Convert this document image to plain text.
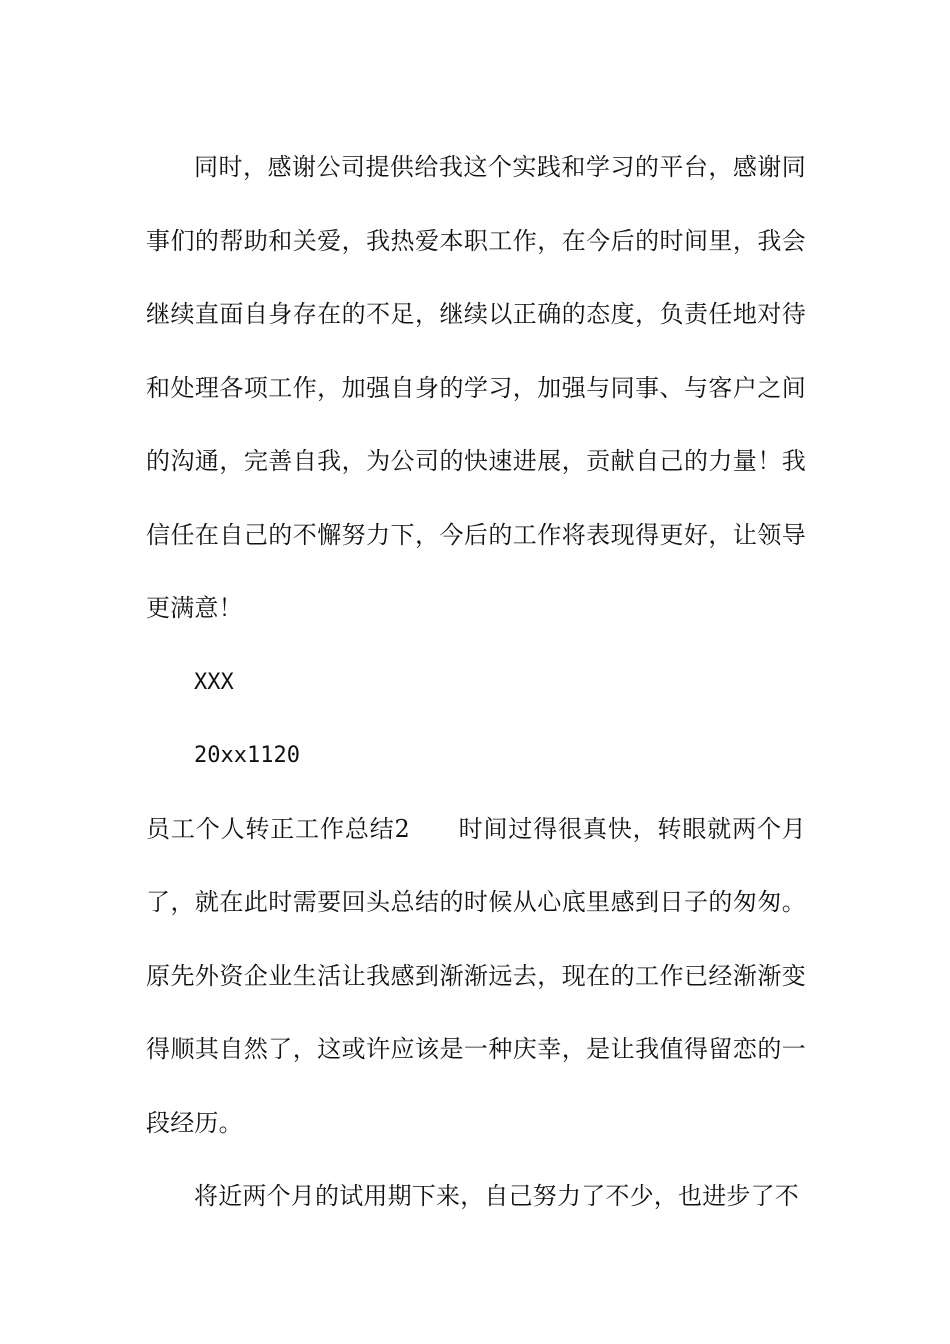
同时，感谢公司提供给我这个实践和学习的平台，感谢同事们的帮助和关爱，我热爱本职工作，在今后的时间里，我会继续直面自身存在的不足，继续以正确的态度，负责任地对待和处理各项工作，加强自身的学习，加强与同事、与客户之间的沟通，完善自我，为公司的快速进展，贡献自己的力量！我信任在自己的不懈努力下，今后的工作将表现得更好，让领导更满意！

XXX

20xx1120

员工个人转正工作总结2 时间过得很真快，转眼就两个月了，就在此时需要回头总结的时候从心底里感到日子的匆匆。原先外资企业生活让我感到渐渐远去，现在的工作已经渐渐变得顺其自然了，这或许应该是一种庆幸，是让我值得留恋的一段经历。

将近两个月的试用期下来，自己努力了不少，也进步了不
